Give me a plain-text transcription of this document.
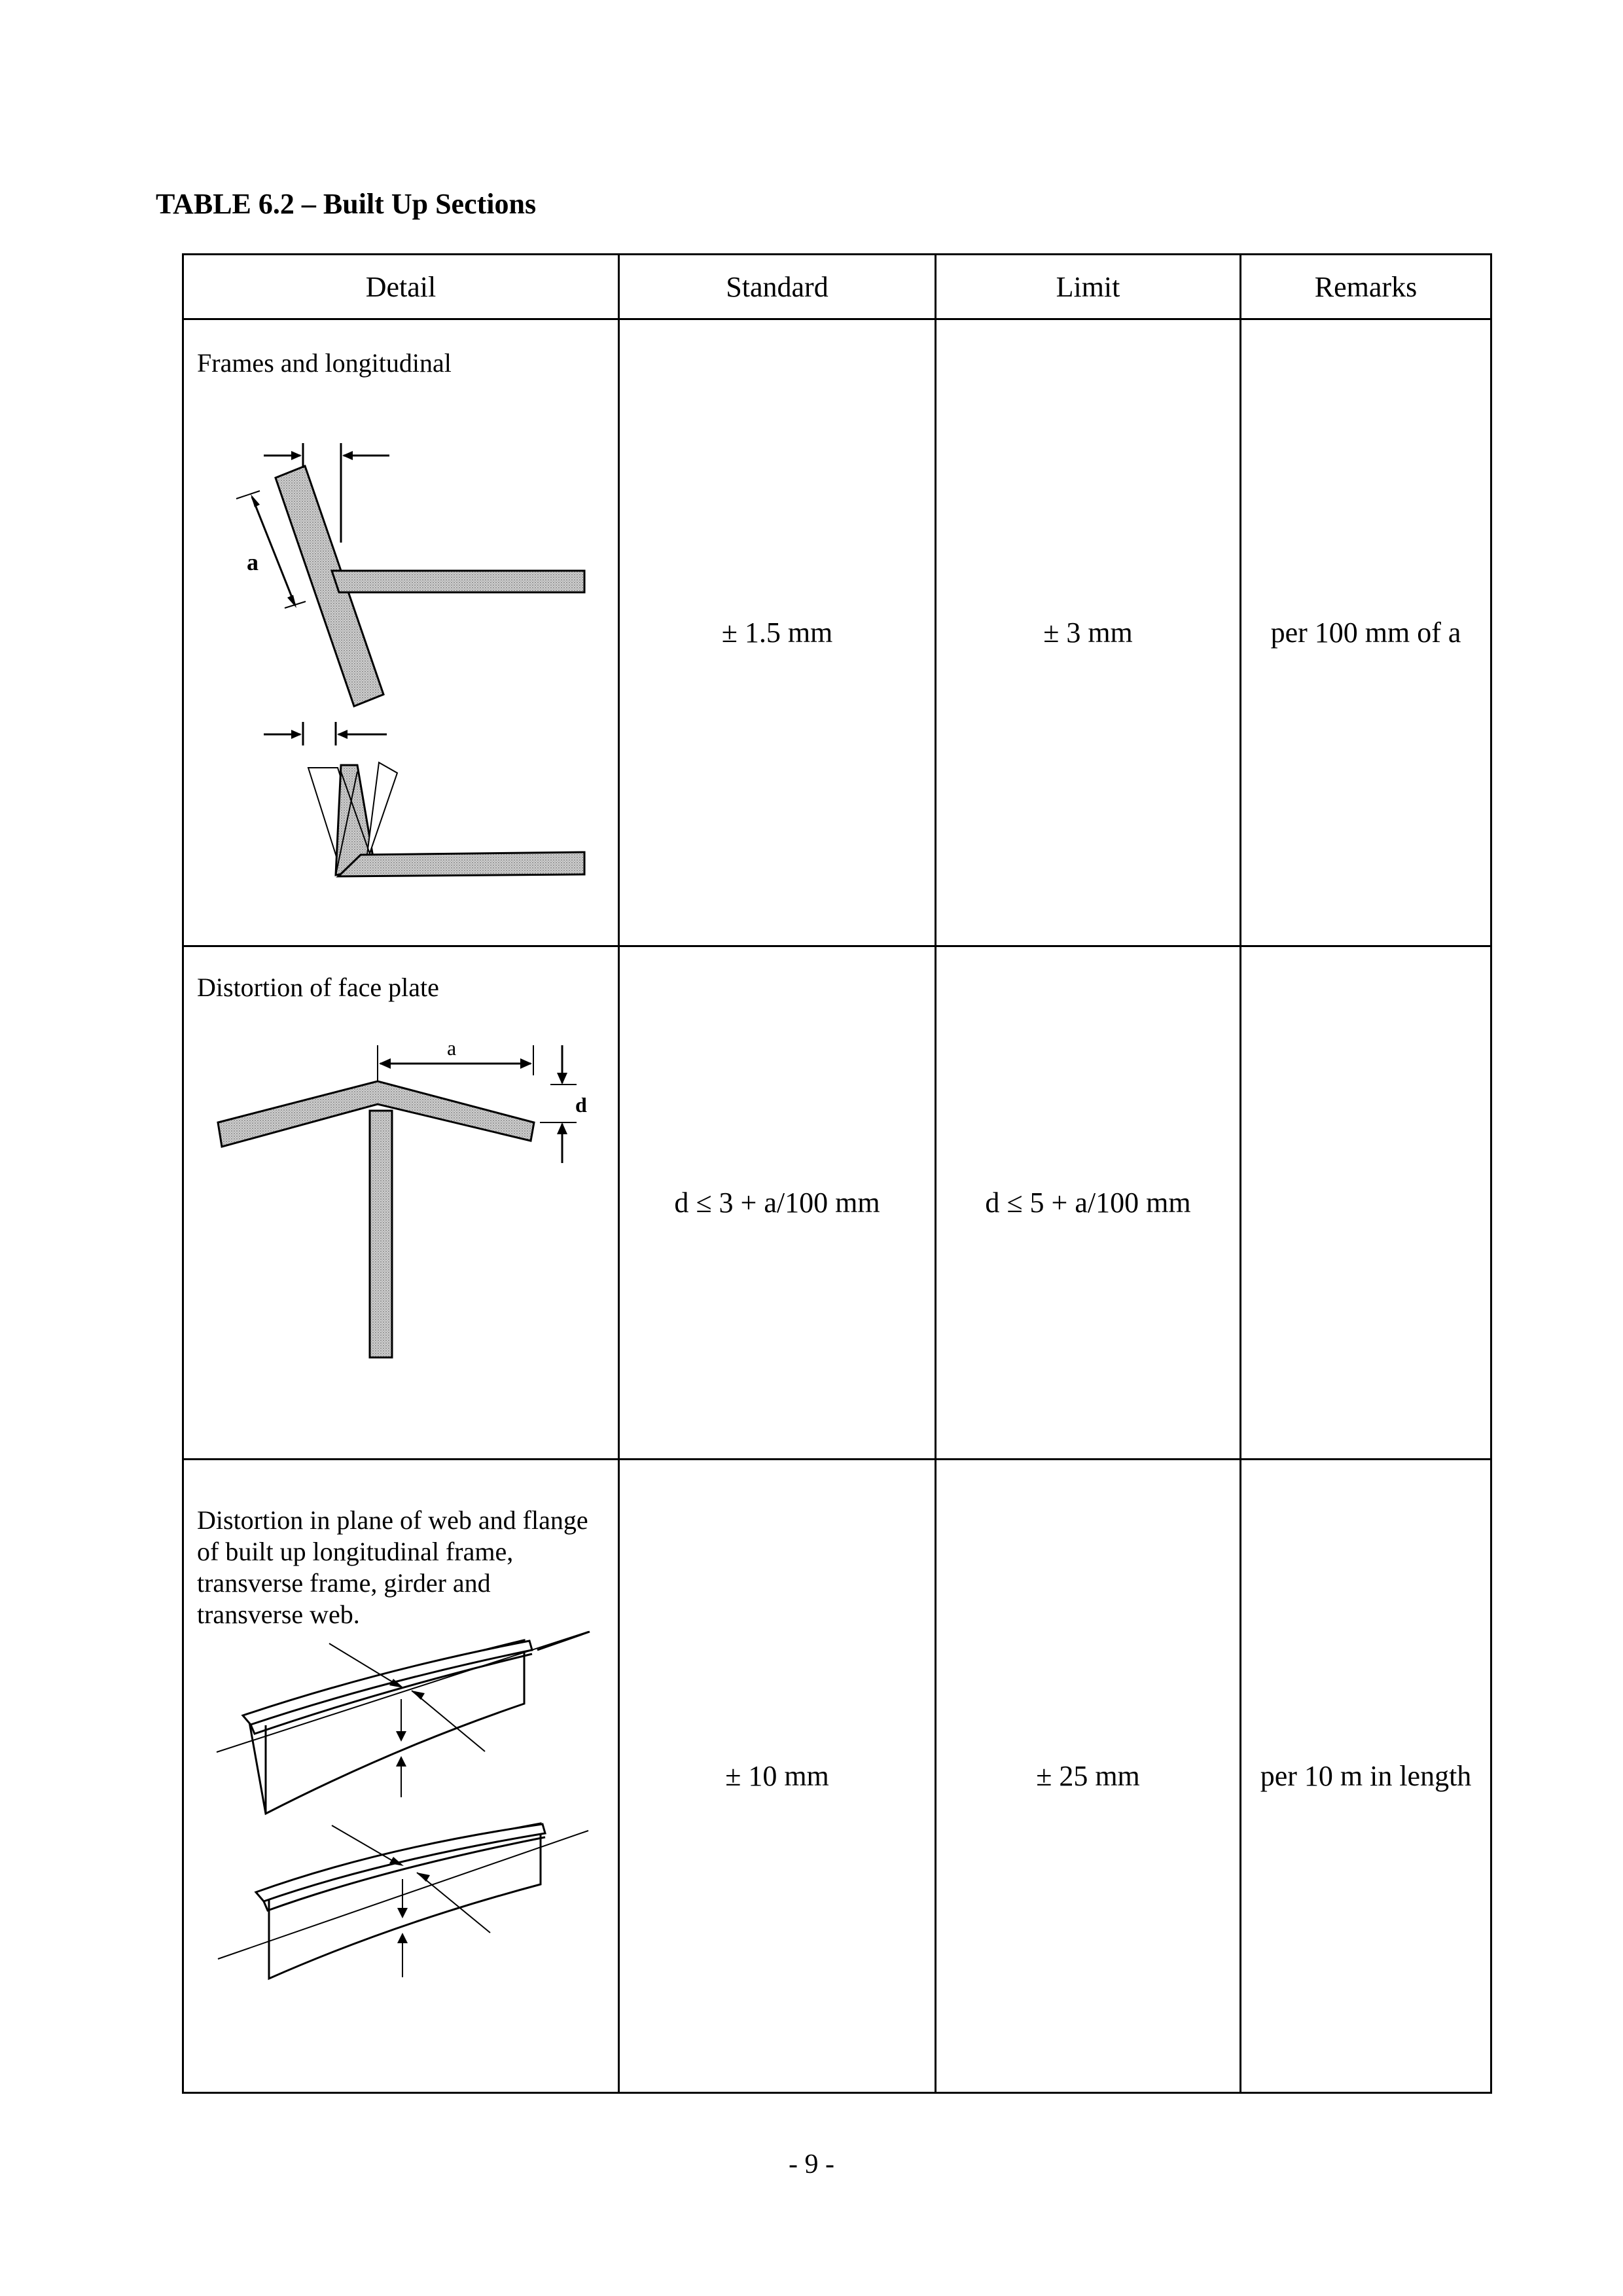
TABLE 6.2 – Built Up Sections
Detail	Standard	Limit	Remarks

Frames and longitudinal
a	± 1.5 mm	± 3 mm	per 100 mm of a

Distortion of face plate
a
d	d ≤ 3 + a/100 mm	d ≤ 5 + a/100 mm	

Distortion in plane of web and flange
of built up longitudinal frame,
transverse frame, girder and
transverse web.	± 10 mm	± 25 mm	per 10 m in length
- 9 -
